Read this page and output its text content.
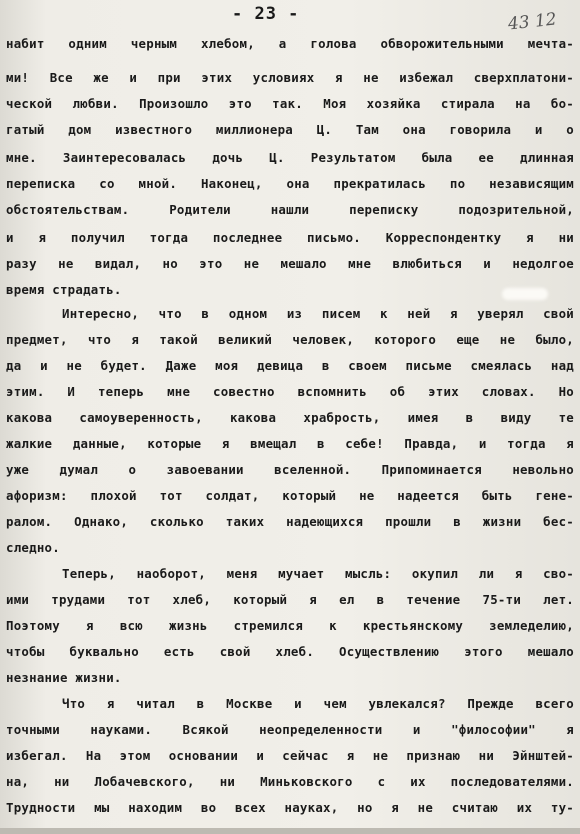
- 23 -	43 12
набит одним черным хлебом, а голова обворожительными мечта-
ми! Все же и при этих условиях я не избежал сверхплатони-
ческой любви. Произошло это так. Моя хозяйка стирала на бо-
гатый дом известного миллионера Ц. Там она говорила и о
мне. Заинтересовалась дочь Ц. Результатом была ее длинная
переписка со мной. Наконец, она прекратилась по независящим
обстоятельствам. Родители нашли переписку подозрительной,
и я получил тогда последнее письмо. Корреспондентку я ни
разу не видал, но это не мешало мне влюбиться и недолгое
время страдать.
Интересно, что в одном из писем к ней я уверял свой
предмет, что я такой великий человек, которого еще не было,
да и не будет. Даже моя девица в своем письме смеялась над
этим. И теперь мне совестно вспомнить об этих словах. Но
какова самоуверенность, какова храбрость, имея в виду те
жалкие данные, которые я вмещал в себе! Правда, и тогда я
уже думал о завоевании вселенной. Припоминается невольно
афоризм: плохой тот солдат, который не надеется быть гене-
ралом. Однако, сколько таких надеющихся прошли в жизни бес-
следно.
Теперь, наоборот, меня мучает мысль: окупил ли я сво-
ими трудами тот хлеб, который я ел в течение 75-ти лет.
Поэтому я всю жизнь стремился к крестьянскому земледелию,
чтобы буквально есть свой хлеб. Осуществлению этого мешало
незнание жизни.
Что я читал в Москве и чем увлекался? Прежде всего
точными науками. Всякой неопределенности и "философии" я
избегал. На этом основании и сейчас я не признаю ни Эйнштей-
на, ни Лобачевского, ни Миньковского с их последователями.
Трудности мы находим во всех науках, но я не считаю их ту-
